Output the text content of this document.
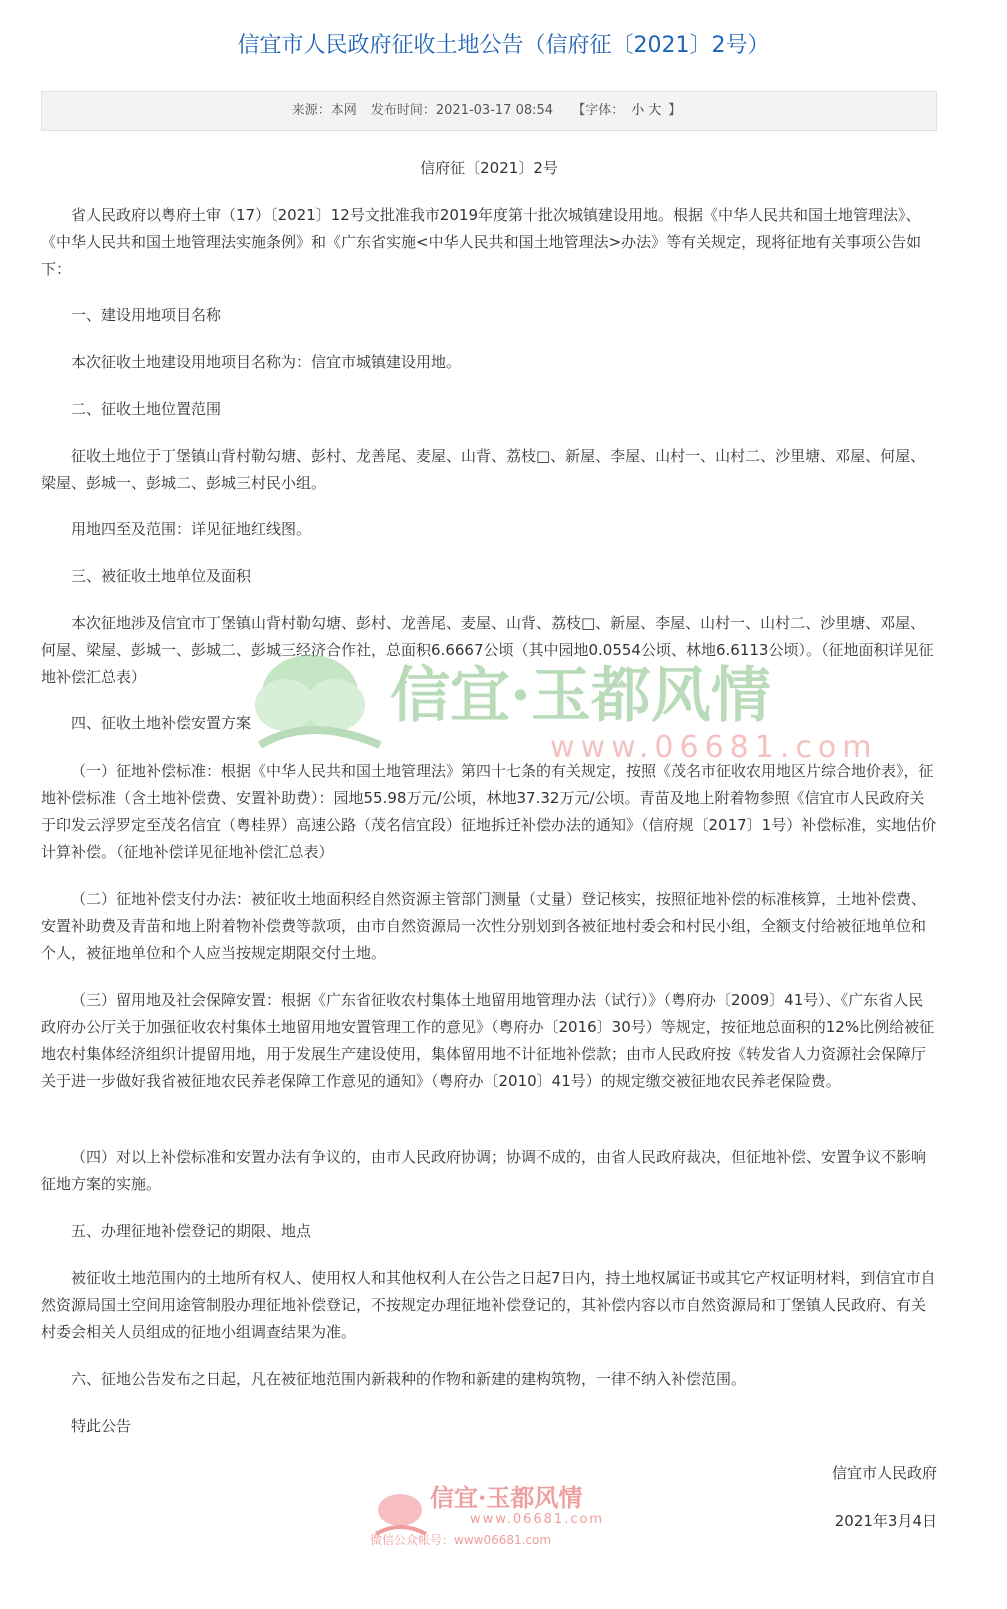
信宜市人民政府征收土地公告（信府征〔2021〕2号）
来源：本网 发布时间：2021-03-17 08:54 【字体： 小 大 】

信府征〔2021〕2号

省人民政府以粤府土审（17）〔2021〕12号文批准我市2019年度第十批次城镇建设用地。根据《中华人民共和国土地管理法》、《中华人民共和国土地管理法实施条例》和《广东省实施<中华人民共和国土地管理法>办法》等有关规定，现将征地有关事项公告如下：

一、建设用地项目名称

本次征收土地建设用地项目名称为：信宜市城镇建设用地。

二、征收土地位置范围

征收土地位于丁堡镇山背村勒勾塘、彭村、龙善尾、麦屋、山背、荔枝□、新屋、李屋、山村一、山村二、沙里塘、邓屋、何屋、梁屋、彭城一、彭城二、彭城三村民小组。

用地四至及范围：详见征地红线图。

三、被征收土地单位及面积

本次征地涉及信宜市丁堡镇山背村勒勾塘、彭村、龙善尾、麦屋、山背、荔枝□、新屋、李屋、山村一、山村二、沙里塘、邓屋、何屋、梁屋、彭城一、彭城二、彭城三经济合作社，总面积6.6667公顷（其中园地0.0554公顷、林地6.6113公顷）。（征地面积详见征地补偿汇总表）

四、征收土地补偿安置方案

（一）征地补偿标准：根据《中华人民共和国土地管理法》第四十七条的有关规定，按照《茂名市征收农用地区片综合地价表》，征地补偿标准（含土地补偿费、安置补助费）：园地55.98万元/公顷，林地37.32万元/公顷。青苗及地上附着物参照《信宜市人民政府关于印发云浮罗定至茂名信宜（粤桂界）高速公路（茂名信宜段）征地拆迁补偿办法的通知》（信府规〔2017〕1号）补偿标准，实地估价计算补偿。（征地补偿详见征地补偿汇总表）

（二）征地补偿支付办法：被征收土地面积经自然资源主管部门测量（丈量）登记核实，按照征地补偿的标准核算，土地补偿费、安置补助费及青苗和地上附着物补偿费等款项，由市自然资源局一次性分别划到各被征地村委会和村民小组，全额支付给被征地单位和个人，被征地单位和个人应当按规定期限交付土地。

（三）留用地及社会保障安置：根据《广东省征收农村集体土地留用地管理办法（试行）》（粤府办〔2009〕41号）、《广东省人民政府办公厅关于加强征收农村集体土地留用地安置管理工作的意见》（粤府办〔2016〕30号）等规定，按征地总面积的12%比例给被征地农村集体经济组织计提留用地，用于发展生产建设使用，集体留用地不计征地补偿款；由市人民政府按《转发省人力资源社会保障厅关于进一步做好我省被征地农民养老保障工作意见的通知》（粤府办〔2010〕41号）的规定缴交被征地农民养老保险费。

（四）对以上补偿标准和安置办法有争议的，由市人民政府协调；协调不成的，由省人民政府裁决，但征地补偿、安置争议不影响征地方案的实施。

五、办理征地补偿登记的期限、地点

被征收土地范围内的土地所有权人、使用权人和其他权利人在公告之日起7日内，持土地权属证书或其它产权证明材料，到信宜市自然资源局国土空间用途管制股办理征地补偿登记，不按规定办理征地补偿登记的，其补偿内容以市自然资源局和丁堡镇人民政府、有关村委会相关人员组成的征地小组调查结果为准。

六、征地公告发布之日起，凡在被征地范围内新栽种的作物和新建的建构筑物，一律不纳入补偿范围。

特此公告

信宜市人民政府

2021年3月4日

信宜·玉都风情
www.06681.com
信宜·玉都风情
www.06681.com
微信公众帐号：www06681.com
